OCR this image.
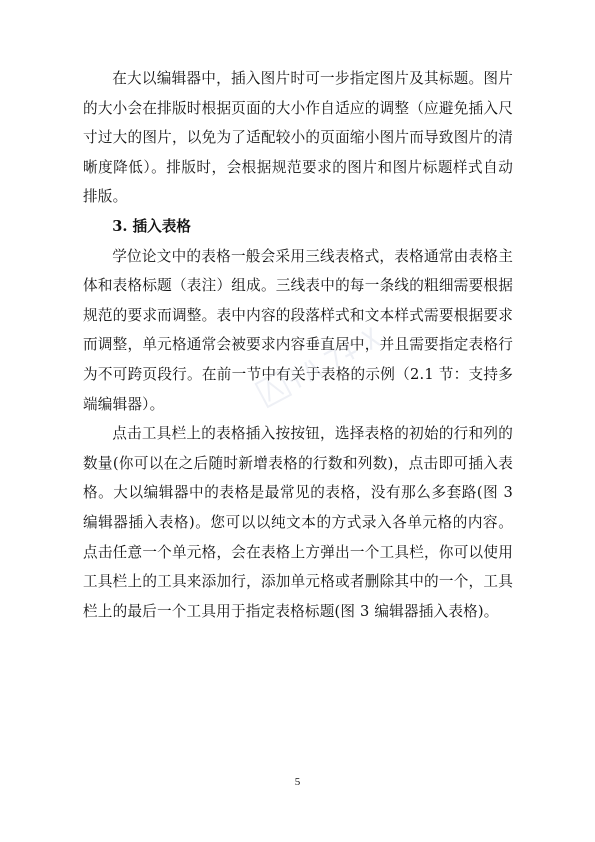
在大以编辑器中，插入图片时可一步指定图片及其标题。图片的大小会在排版时根据页面的大小作自适应的调整（应避免插入尺寸过大的图片，以免为了适配较小的页面缩小图片而导致图片的清晰度降低）。排版时，会根据规范要求的图片和图片标题样式自动排版。

3. 插入表格

学位论文中的表格一般会采用三线表格式，表格通常由表格主体和表格标题（表注）组成。三线表中的每一条线的粗细需要根据规范的要求而调整。表中内容的段落样式和文本样式需要根据要求而调整，单元格通常会被要求内容垂直居中，并且需要指定表格行为不可跨页段行。在前一节中有关于表格的示例（2.1 节：支持多端编辑器）。

点击工具栏上的表格插入按按钮，选择表格的初始的行和列的数量(你可以在之后随时新增表格的行数和列数)，点击即可插入表格。大以编辑器中的表格是最常见的表格，没有那么多套路(图 3 编辑器插入表格)。您可以以纯文本的方式录入各单元格的内容。点击任意一个单元格，会在表格上方弹出一个工具栏，你可以使用工具栏上的工具来添加行，添加单元格或者删除其中的一个，工具栏上的最后一个工具用于指定表格标题(图 3 编辑器插入表格)。

5
